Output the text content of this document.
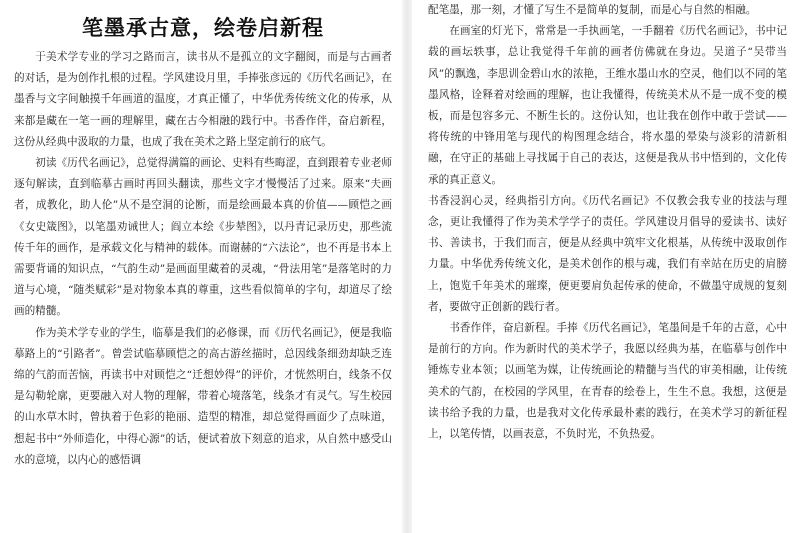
笔墨承古意，绘卷启新程

于美术学专业的学习之路而言，读书从不是孤立的文字翻阅，而是与古画者的对话，是为创作扎根的过程。学风建设月里，手捧张彦远的《历代名画记》，在墨香与文字间触摸千年画道的温度，才真正懂了，中华优秀传统文化的传承，从来都是藏在一笔一画的理解里，藏在古今相融的践行中。书香作伴，奋启新程，这份从经典中汲取的力量，也成了我在美术之路上坚定前行的底气。

初读《历代名画记》，总觉得满篇的画论、史料有些晦涩，直到跟着专业老师逐句解读，直到临摹古画时再回头翻读，那些文字才慢慢活了过来。原来“夫画者，成教化，助人伦”从不是空洞的论断，而是绘画最本真的价值——顾恺之画《女史箴图》，以笔墨劝诫世人；阎立本绘《步辇图》，以丹青记录历史，那些流传千年的画作，是承载文化与精神的载体。而谢赫的“六法论”，也不再是书本上需要背诵的知识点，“气韵生动”是画面里藏着的灵魂，“骨法用笔”是落笔时的力道与心境，“随类赋彩”是对物象本真的尊重，这些看似简单的字句，却道尽了绘画的精髓。

作为美术学专业的学生，临摹是我们的必修课，而《历代名画记》，便是我临摹路上的“引路者”。曾尝试临摹顾恺之的高古游丝描时，总因线条细劲却缺乏连绵的气韵而苦恼，再读书中对顾恺之“迁想妙得”的评价，才恍然明白，线条不仅是勾勒轮廓，更要融入对人物的理解，带着心境落笔，线条才有灵气。写生校园的山水草木时，曾执着于色彩的艳丽、造型的精准，却总觉得画面少了点味道，想起书中“外师造化，中得心源”的话，便试着放下刻意的追求，从自然中感受山水的意境，以内心的感悟调

配笔墨，那一刻，才懂了写生不是简单的复制，而是心与自然的相融。

在画室的灯光下，常常是一手执画笔，一手翻着《历代名画记》，书中记载的画坛轶事，总让我觉得千年前的画者仿佛就在身边。吴道子“吴带当风”的飘逸，李思训金碧山水的浓艳，王维水墨山水的空灵，他们以不同的笔墨风格，诠释着对绘画的理解，也让我懂得，传统美术从不是一成不变的模板，而是包容多元、不断生长的。这份认知，也让我在创作中敢于尝试——将传统的中锋用笔与现代的构图理念结合，将水墨的晕染与淡彩的清新相融，在守正的基础上寻找属于自己的表达，这便是我从书中悟到的，文化传承的真正意义。

书香浸润心灵，经典指引方向。《历代名画记》不仅教会我专业的技法与理念，更让我懂得了作为美术学学子的责任。学风建设月倡导的爱读书、读好书、善读书，于我们而言，便是从经典中筑牢文化根基，从传统中汲取创作力量。中华优秀传统文化，是美术创作的根与魂，我们有幸站在历史的肩膀上，饱览千年美术的璀璨，便更要肩负起传承的使命，不做墨守成规的复刻者，要做守正创新的践行者。

书香作伴，奋启新程。手捧《历代名画记》，笔墨间是千年的古意，心中是前行的方向。作为新时代的美术学子，我愿以经典为基，在临摹与创作中锤炼专业本领；以画笔为媒，让传统画论的精髓与当代的审美相融，让传统美术的气韵，在校园的学风里，在青春的绘卷上，生生不息。我想，这便是读书给予我的力量，也是我对文化传承最朴素的践行，在美术学习的新征程上，以笔传情，以画表意，不负时光，不负热爱。
